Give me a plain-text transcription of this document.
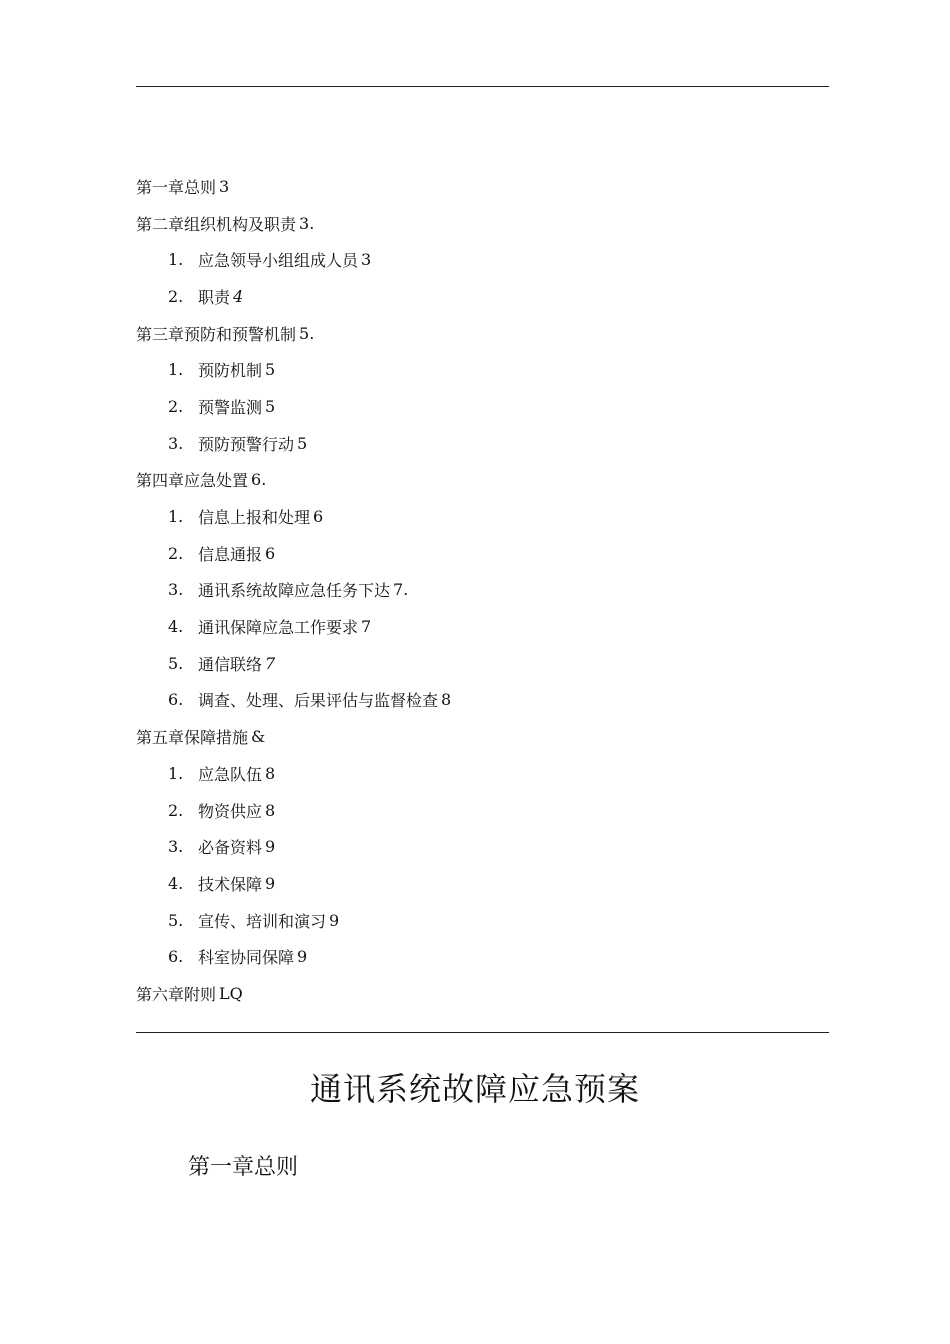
第一章总则 3
第二章组织机构及职责 3.
1. 应急领导小组组成人员 3
2. 职责 4
第三章预防和预警机制 5.
1. 预防机制 5
2. 预警监测 5
3. 预防预警行动 5
第四章应急处置 6.
1. 信息上报和处理 6
2. 信息通报 6
3. 通讯系统故障应急任务下达 7.
4. 通讯保障应急工作要求 7
5. 通信联络 7
6. 调查、处理、后果评估与监督检查 8
第五章保障措施 &
1. 应急队伍 8
2. 物资供应 8
3. 必备资料 9
4. 技术保障 9
5. 宣传、培训和演习 9
6. 科室协同保障 9
第六章附则 LQ
通讯系统故障应急预案
第一章总则
